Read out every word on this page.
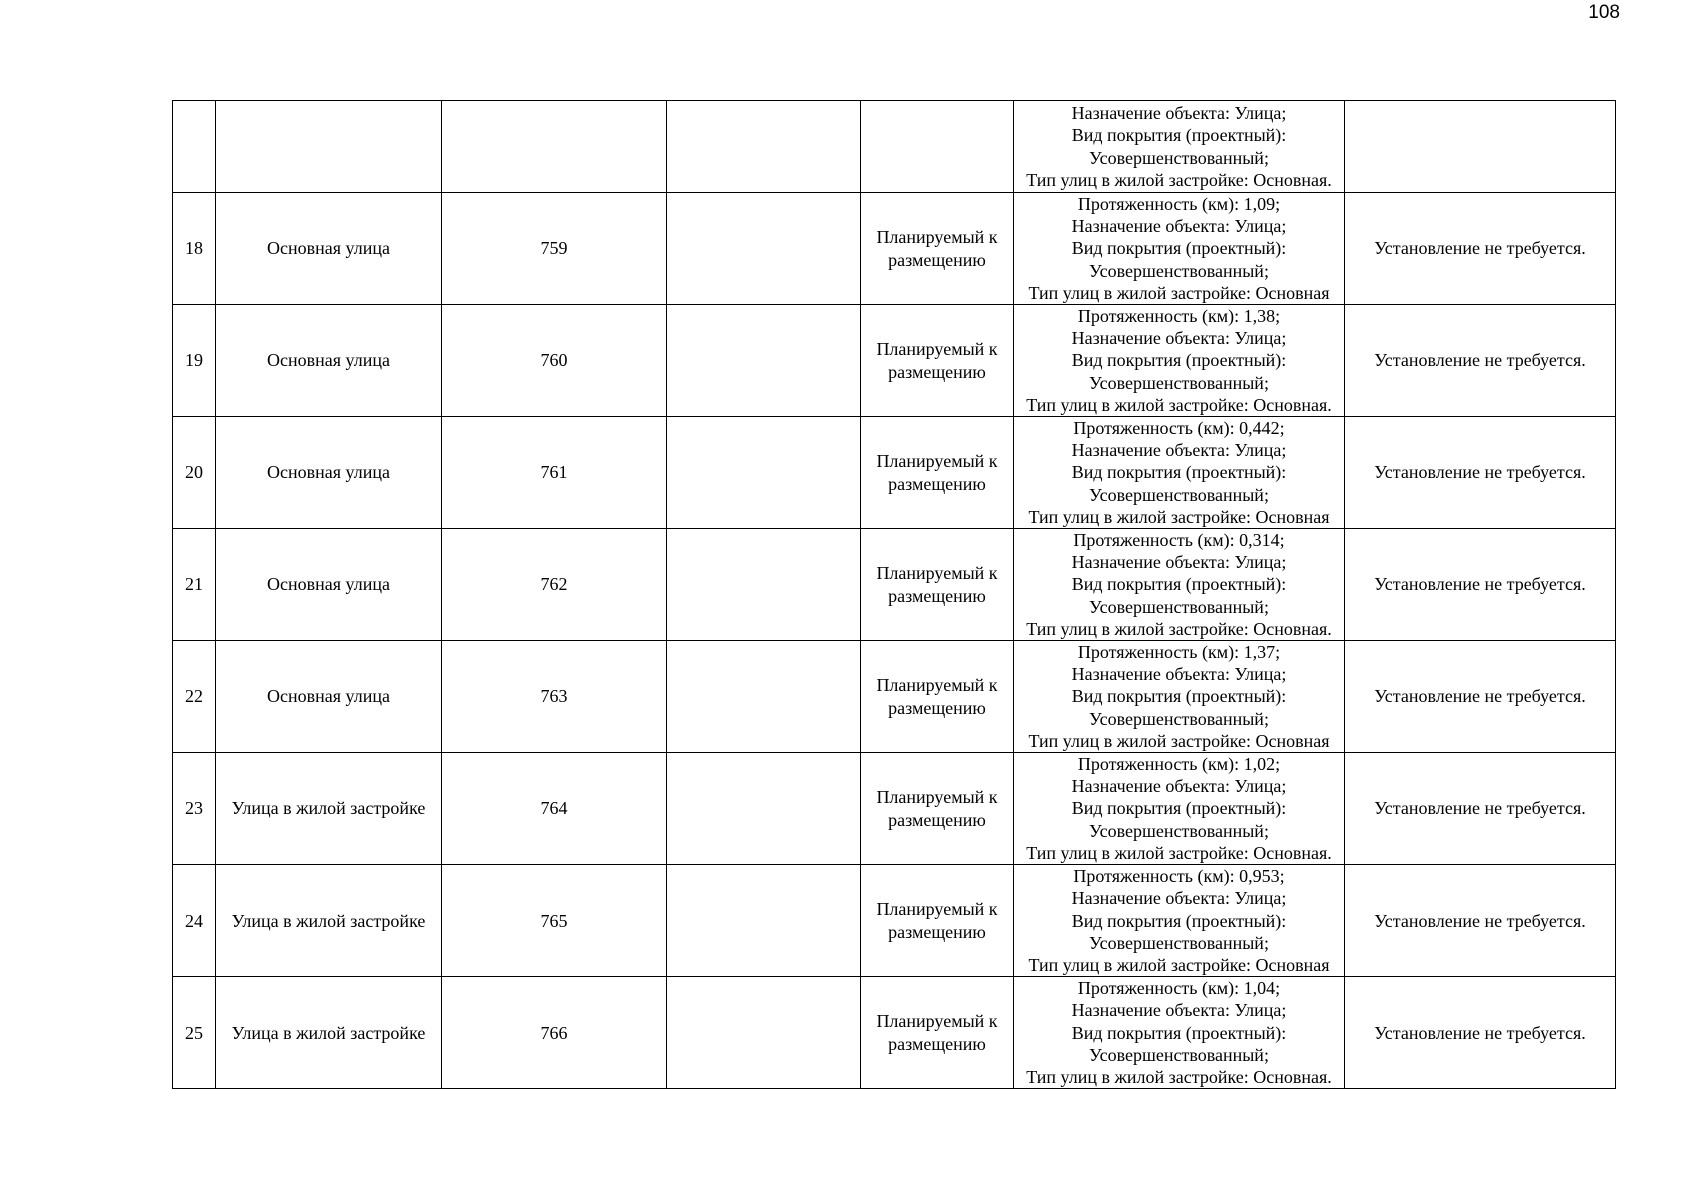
108

					Назначение объекта: Улица;
Вид покрытия (проектный):
Усовершенствованный;
Тип улиц в жилой застройке: Основная.	

18	Основная улица	759		Планируемый к размещению	Протяженность (км): 1,09;
Назначение объекта: Улица;
Вид покрытия (проектный):
Усовершенствованный;
Тип улиц в жилой застройке: Основная	Установление не требуется.
19	Основная улица	760		Планируемый к размещению	Протяженность (км): 1,38;
Назначение объекта: Улица;
Вид покрытия (проектный):
Усовершенствованный;
Тип улиц в жилой застройке: Основная.	Установление не требуется.
20	Основная улица	761		Планируемый к размещению	Протяженность (км): 0,442;
Назначение объекта: Улица;
Вид покрытия (проектный):
Усовершенствованный;
Тип улиц в жилой застройке: Основная	Установление не требуется.
21	Основная улица	762		Планируемый к размещению	Протяженность (км): 0,314;
Назначение объекта: Улица;
Вид покрытия (проектный):
Усовершенствованный;
Тип улиц в жилой застройке: Основная.	Установление не требуется.
22	Основная улица	763		Планируемый к размещению	Протяженность (км): 1,37;
Назначение объекта: Улица;
Вид покрытия (проектный):
Усовершенствованный;
Тип улиц в жилой застройке: Основная	Установление не требуется.
23	Улица в жилой застройке	764		Планируемый к размещению	Протяженность (км): 1,02;
Назначение объекта: Улица;
Вид покрытия (проектный):
Усовершенствованный;
Тип улиц в жилой застройке: Основная.	Установление не требуется.
24	Улица в жилой застройке	765		Планируемый к размещению	Протяженность (км): 0,953;
Назначение объекта: Улица;
Вид покрытия (проектный):
Усовершенствованный;
Тип улиц в жилой застройке: Основная	Установление не требуется.
25	Улица в жилой застройке	766		Планируемый к размещению	Протяженность (км): 1,04;
Назначение объекта: Улица;
Вид покрытия (проектный):
Усовершенствованный;
Тип улиц в жилой застройке: Основная.	Установление не требуется.
